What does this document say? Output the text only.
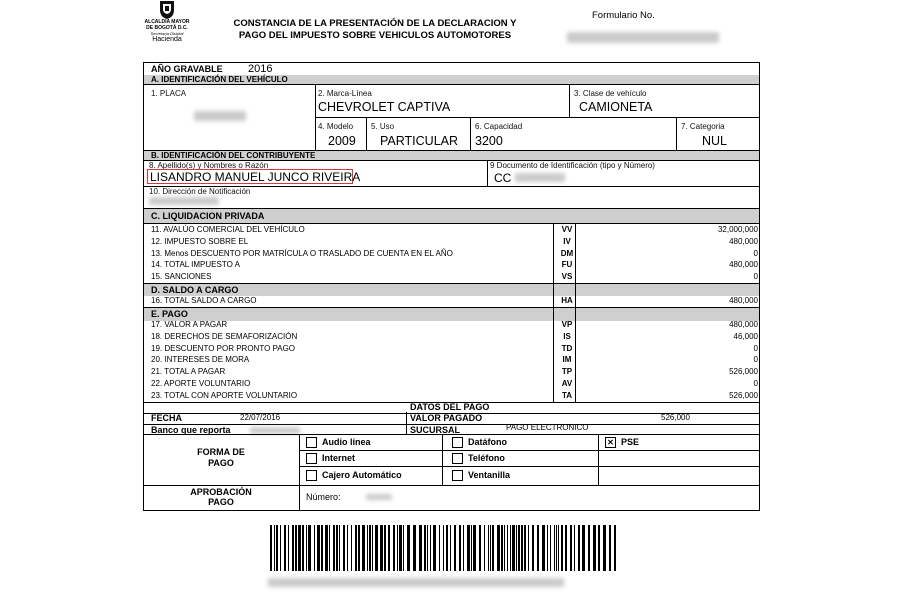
ALCALDIA MAYOR
DE BOGOTÁ D.C.
Secretaría Distrital
Hacienda
CONSTANCIA DE LA PRESENTACIÓN DE LA DECLARACION Y
PAGO DEL IMPUESTO SOBRE VEHICULOS AUTOMOTORES
Formulario No.
AÑO GRAVABLE 2016
A. IDENTIFICACIÓN DEL VEHÍCULO
1. PLACA	2. Marca-Línea
CHEVROLET CAPTIVA
3. Clase de vehículo
CAMIONETA
4. Modelo
2009
5. Uso
PARTICULAR
6. Capacidad
3200
7. Categoria
NUL
B. IDENTIFICACIÓN DEL CONTRIBUYENTE
8. Apellido(s) y Nombres o Razón
LISANDRO MANUEL JUNCO RIVEIRA
9 Documento de Identificación (tipo y Número)
CC
10. Dirección de Notificación
C. LIQUIDACION PRIVADA
11. AVALÚO COMERCIAL DEL VEHÍCULO	VV	32,000,000
12. IMPUESTO SOBRE EL	IV	480,000
13. Menos DESCUENTO POR MATRÍCULA O TRASLADO DE CUENTA EN EL AÑO	DM	0
14. TOTAL IMPUESTO A	FU	480,000
15. SANCIONES	VS	0
D. SALDO A CARGO
16. TOTAL SALDO A CARGO	HA	480,000
E. PAGO
17. VALOR A PAGAR	VP	480,000
18. DERECHOS DE SEMAFORIZACIÓN	IS	46,000
19. DESCUENTO POR PRONTO PAGO	TD	0
20. INTERESES DE MORA	IM	0
21. TOTAL A PAGAR	TP	526,000
22. APORTE VOLUNTARIO	AV	0
23. TOTAL CON APORTE VOLUNTARIO	TA	526,000
DATOS DEL PAGO
FECHA	22/07/2016	VALOR PAGADO	526,000
Banco que reporta	SUCURSAL	PAGO ELECTRONICO
FORMA DE
PAGO
Audio línea	Datáfono	✕ PSE
Internet	Teléfono
Cajero Automático	Ventanilla
APROBACIÓN
PAGO	Número:
